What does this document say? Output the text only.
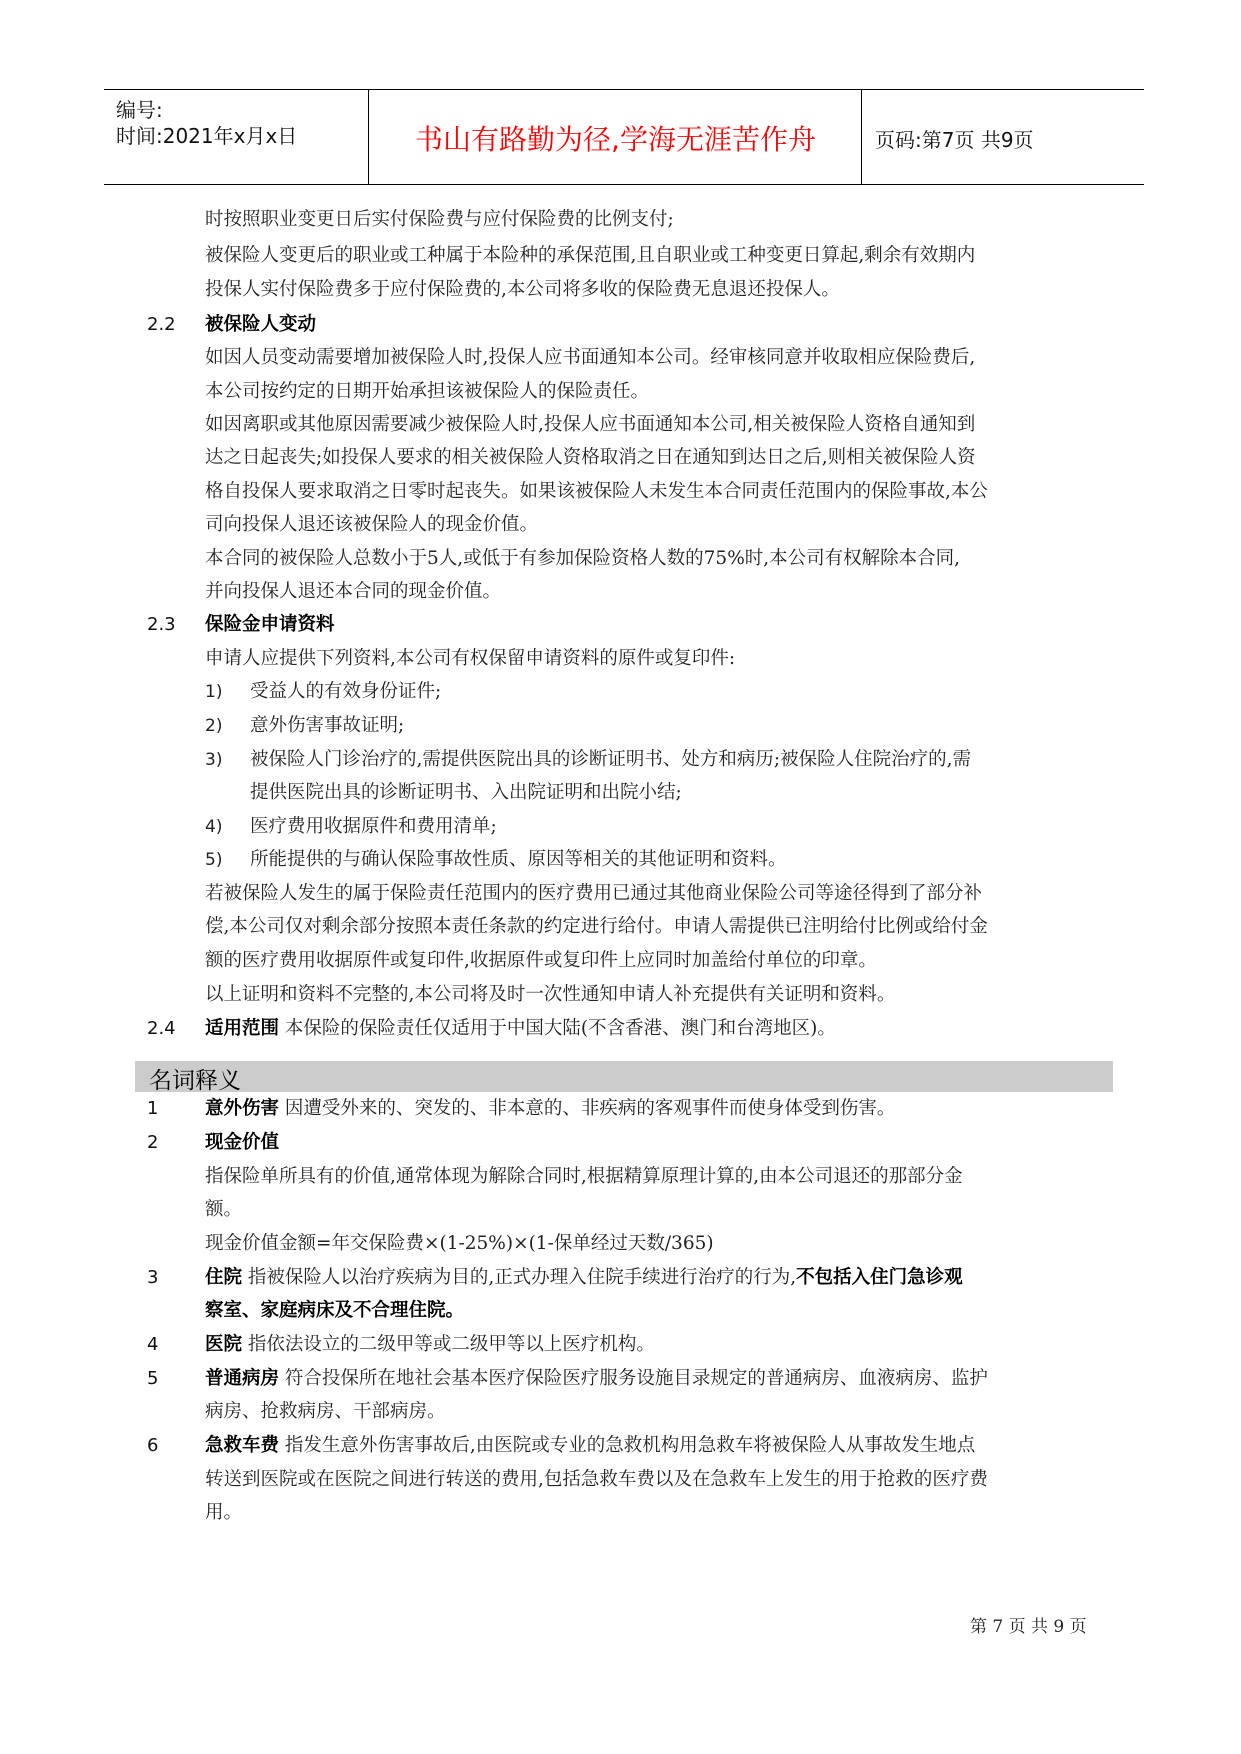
编号:
时间:2021年x月x日	书山有路勤为径,学海无涯苦作舟	页码:第7页 共9页
时按照职业变更日后实付保险费与应付保险费的比例支付;
被保险人变更后的职业或工种属于本险种的承保范围,且自职业或工种变更日算起,剩余有效期内
投保人实付保险费多于应付保险费的,本公司将多收的保险费无息退还投保人。
2.2 被保险人变动
如因人员变动需要增加被保险人时,投保人应书面通知本公司。经审核同意并收取相应保险费后,
本公司按约定的日期开始承担该被保险人的保险责任。
如因离职或其他原因需要减少被保险人时,投保人应书面通知本公司,相关被保险人资格自通知到
达之日起丧失;如投保人要求的相关被保险人资格取消之日在通知到达日之后,则相关被保险人资
格自投保人要求取消之日零时起丧失。如果该被保险人未发生本合同责任范围内的保险事故,本公
司向投保人退还该被保险人的现金价值。
本合同的被保险人总数小于5人,或低于有参加保险资格人数的75%时,本公司有权解除本合同,
并向投保人退还本合同的现金价值。
2.3 保险金申请资料
申请人应提供下列资料,本公司有权保留申请资料的原件或复印件:
1) 受益人的有效身份证件;
2) 意外伤害事故证明;
3) 被保险人门诊治疗的,需提供医院出具的诊断证明书、处方和病历;被保险人住院治疗的,需
提供医院出具的诊断证明书、入出院证明和出院小结;
4) 医疗费用收据原件和费用清单;
5) 所能提供的与确认保险事故性质、原因等相关的其他证明和资料。
若被保险人发生的属于保险责任范围内的医疗费用已通过其他商业保险公司等途径得到了部分补
偿,本公司仅对剩余部分按照本责任条款的约定进行给付。申请人需提供已注明给付比例或给付金
额的医疗费用收据原件或复印件,收据原件或复印件上应同时加盖给付单位的印章。
以上证明和资料不完整的,本公司将及时一次性通知申请人补充提供有关证明和资料。
2.4 适用范围 本保险的保险责任仅适用于中国大陆(不含香港、澳门和台湾地区)。
名词释义
1	意外伤害 因遭受外来的、突发的、非本意的、非疾病的客观事件而使身体受到伤害。
2	现金价值
指保险单所具有的价值,通常体现为解除合同时,根据精算原理计算的,由本公司退还的那部分金
额。
现金价值金额=年交保险费×(1-25%)×(1-保单经过天数/365)
3	住院 指被保险人以治疗疾病为目的,正式办理入住院手续进行治疗的行为,不包括入住门急诊观
察室、家庭病床及不合理住院。
4	医院 指依法设立的二级甲等或二级甲等以上医疗机构。
5	普通病房 符合投保所在地社会基本医疗保险医疗服务设施目录规定的普通病房、血液病房、监护
病房、抢救病房、干部病房。
6	急救车费 指发生意外伤害事故后,由医院或专业的急救机构用急救车将被保险人从事故发生地点
转送到医院或在医院之间进行转送的费用,包括急救车费以及在急救车上发生的用于抢救的医疗费
用。
第 7 页 共 9 页
